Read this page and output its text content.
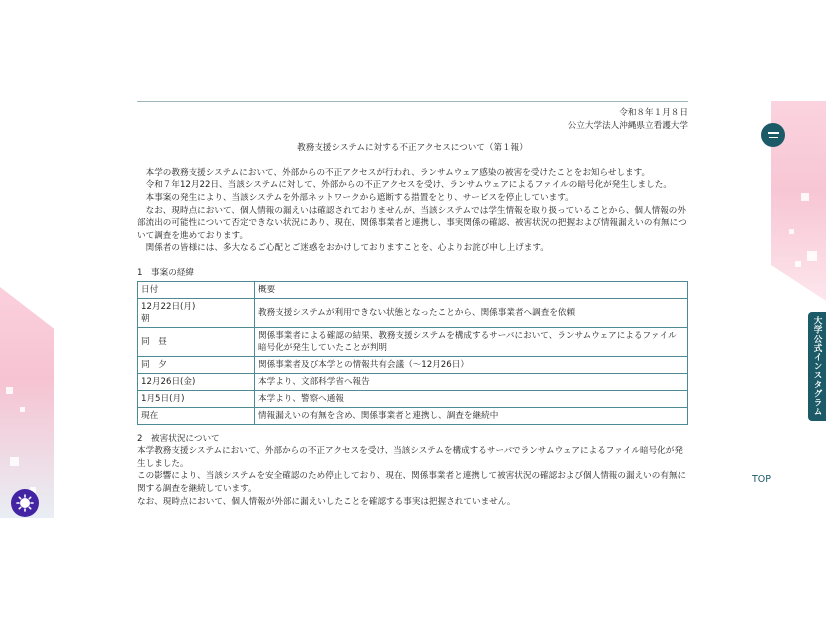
令和８年１月８日
公立大学法人沖縄県立看護大学
教務支援システムに対する不正アクセスについて（第１報）

本学の教務支援システムにおいて、外部からの不正アクセスが行われ、ランサムウェア感染の被害を受けたことをお知らせします。

令和７年12月22日、当該システムに対して、外部からの不正アクセスを受け、ランサムウェアによるファイルの暗号化が発生しました。

本事案の発生により、当該システムを外部ネットワークから遮断する措置をとり、サービスを停止しています。

なお、現時点において、個人情報の漏えいは確認されておりませんが、当該システムでは学生情報を取り扱っていることから、個人情報の外部流出の可能性について否定できない状況にあり、現在、関係事業者と連携し、事実関係の確認、被害状況の把握および情報漏えいの有無について調査を進めております。

関係者の皆様には、多大なるご心配とご迷惑をおかけしておりますことを、心よりお詫び申し上げます。

1　事案の経緯
日付	概要

12月22日(月)
朝	教務支援システムが利用できない状態となったことから、関係事業者へ調査を依頼
同　昼	関係事業者による確認の結果、教務支援システムを構成するサーバにおいて、ランサムウェアによるファイル暗号化が発生していたことが判明
同　夕	関係事業者及び本学との情報共有会議（～12月26日）
12月26日(金)	本学より、文部科学省へ報告
1月5日(月)	本学より、警察へ通報
現在	情報漏えいの有無を含め、関係事業者と連携し、調査を継続中
2　被害状況について

本学教務支援システムにおいて、外部からの不正アクセスを受け、当該システムを構成するサーバでランサムウェアによるファイル暗号化が発生しました。

この影響により、当該システムを安全確認のため停止しており、現在、関係事業者と連携して被害状況の確認および個人情報の漏えいの有無に関する調査を継続しています。

なお、現時点において、個人情報が外部に漏えいしたことを確認する事実は把握されていません。

大学公式インスタグラム
TOP
